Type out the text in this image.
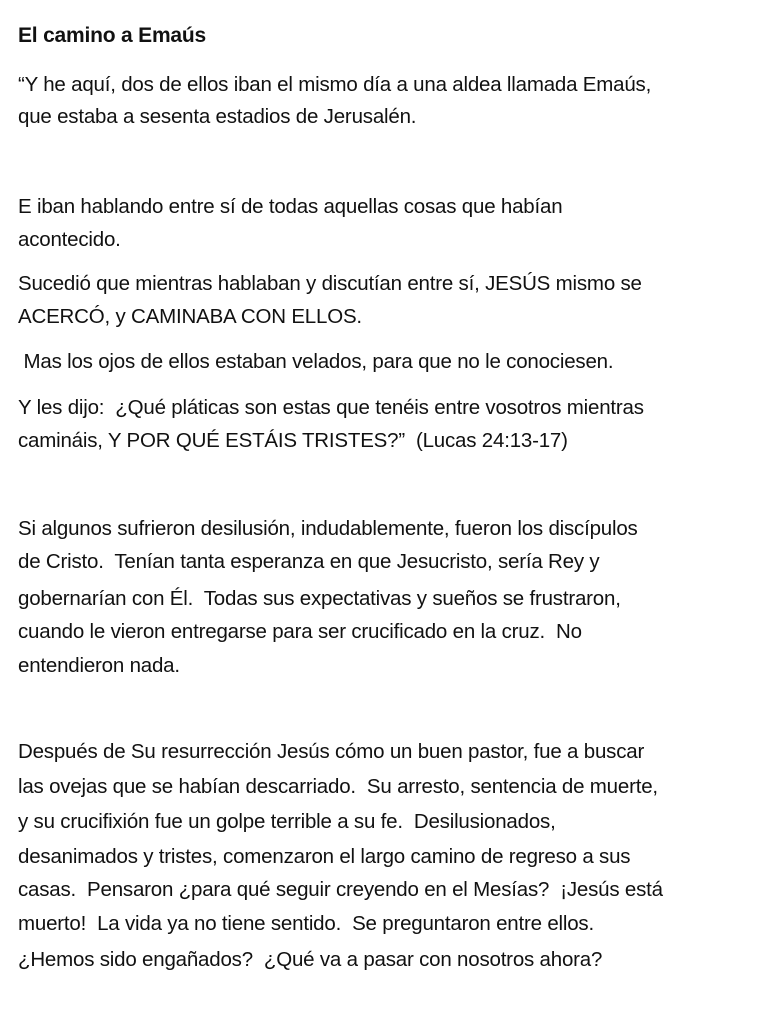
El camino a Emaús
“Y he aquí, dos de ellos iban el mismo día a una aldea llamada Emaús,
que estaba a sesenta estadios de Jerusalén.
E iban hablando entre sí de todas aquellas cosas que habían
acontecido.
Sucedió que mientras hablaban y discutían entre sí, JESÚS mismo se
ACERCÓ, y CAMINABA CON ELLOS.
Mas los ojos de ellos estaban velados, para que no le conociesen.
Y les dijo:  ¿Qué pláticas son estas que tenéis entre vosotros mientras
camináis, Y POR QUÉ ESTÁIS TRISTES?”  (Lucas 24:13-17)
Si algunos sufrieron desilusión, indudablemente, fueron los discípulos
de Cristo.  Tenían tanta esperanza en que Jesucristo, sería Rey y
gobernarían con Él.  Todas sus expectativas y sueños se frustraron,
cuando le vieron entregarse para ser crucificado en la cruz.  No
entendieron nada.
Después de Su resurrección Jesús cómo un buen pastor, fue a buscar
las ovejas que se habían descarriado.  Su arresto, sentencia de muerte,
y su crucifixión fue un golpe terrible a su fe.  Desilusionados,
desanimados y tristes, comenzaron el largo camino de regreso a sus
casas.  Pensaron ¿para qué seguir creyendo en el Mesías?  ¡Jesús está
muerto!  La vida ya no tiene sentido.  Se preguntaron entre ellos.
¿Hemos sido engañados?  ¿Qué va a pasar con nosotros ahora?
